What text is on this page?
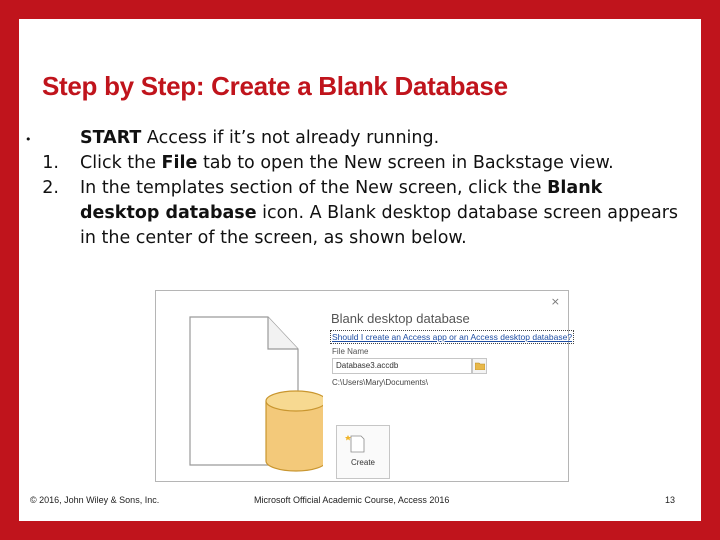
Step by Step: Create a Blank Database
•	START Access if it’s not already running.
1. Click the File tab to open the New screen in Backstage view.
2. In the templates section of the New screen, click the Blank desktop database icon. A Blank desktop database screen appears in the center of the screen, as shown below.
×
Blank desktop database
Should I create an Access app or an Access desktop database?
File Name
Database3.accdb
C:\Users\Mary\Documents\
Create
© 2016, John Wiley & Sons, Inc.	Microsoft Official Academic Course, Access 2016	13
